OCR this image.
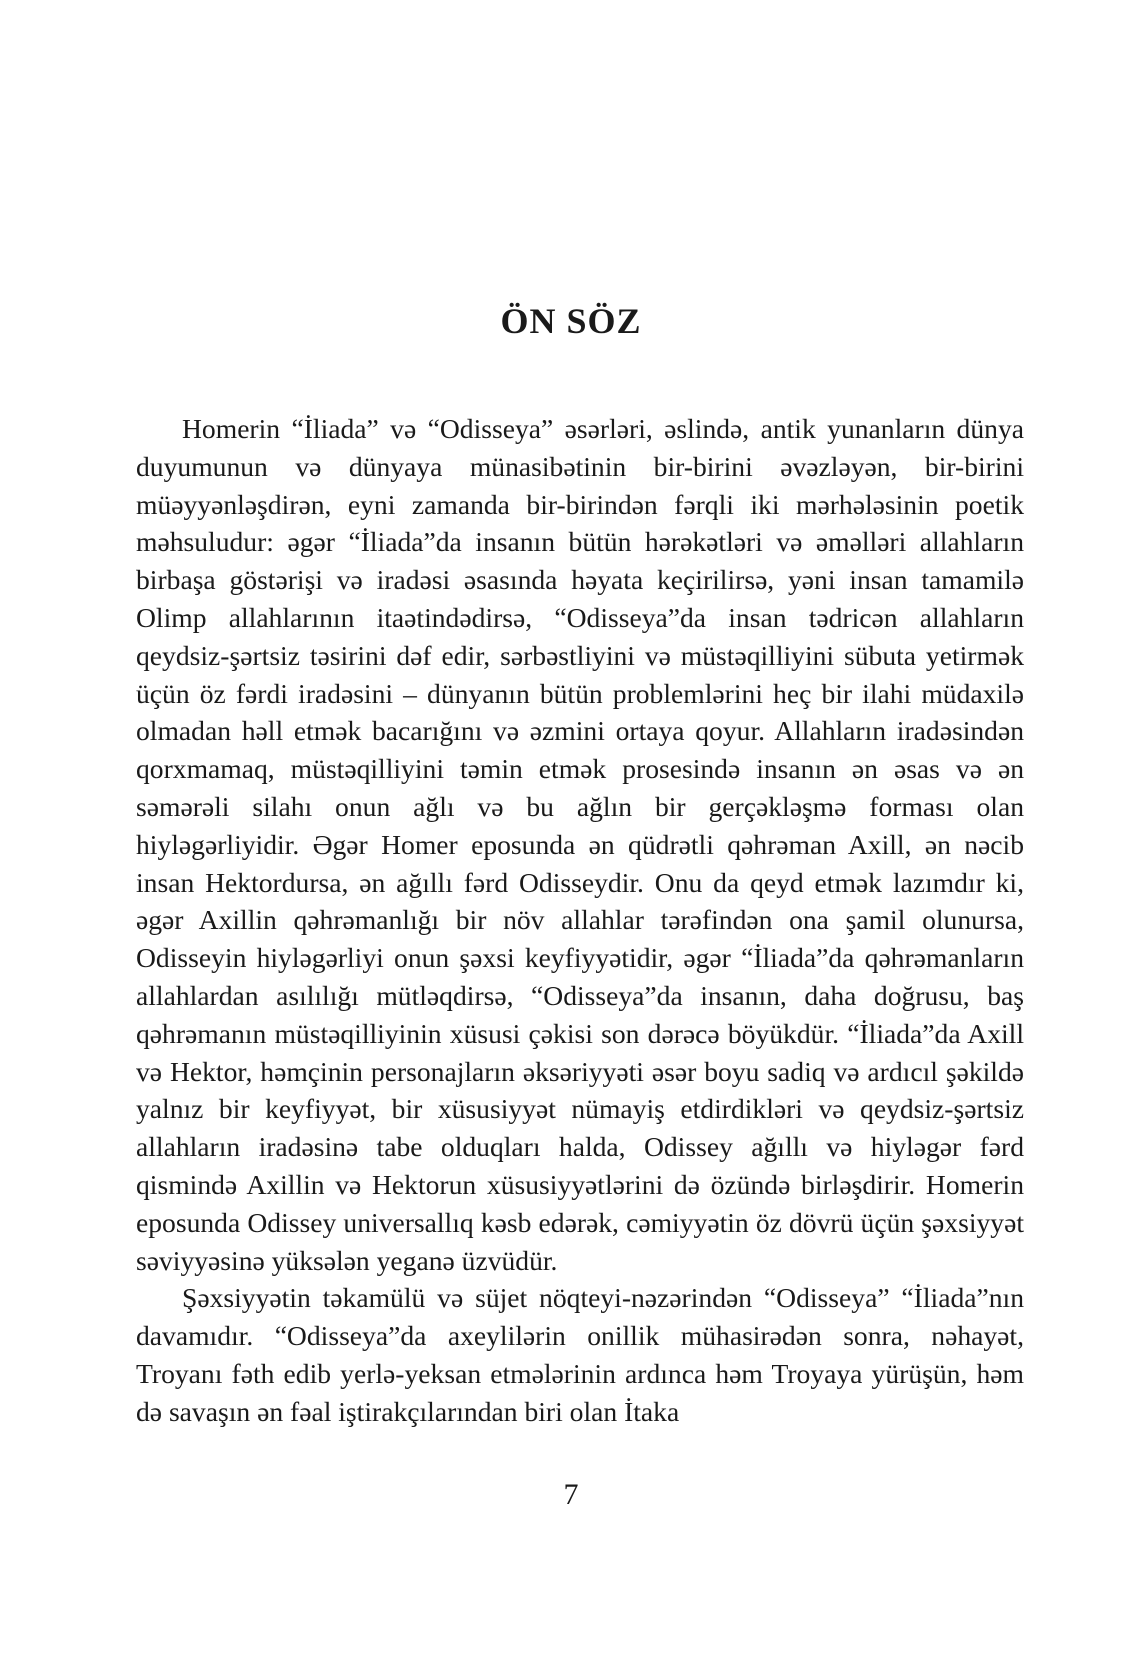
ÖN SÖZ

Homerin “İliada” və “Odisseya” əsərləri, əslində, antik yunanların dünya duyumunun və dünyaya münasibətinin bir-birini əvəzləyən, bir-birini müəyyənləşdirən, eyni zamanda bir-birindən fərqli iki mərhələsinin poetik məhsuludur: əgər “İliada”da insanın bütün hərəkətləri və əməlləri allahların birbaşa göstərişi və iradəsi əsasında həyata keçirilirsə, yəni insan tamamilə Olimp allahlarının itaətindədirsə, “Odisseya”da insan tədricən allahların qeydsiz-şərtsiz təsirini dəf edir, sərbəstliyini və müstəqilliyini sübuta yetirmək üçün öz fərdi iradəsini – dünyanın bütün problemlərini heç bir ilahi müdaxilə olmadan həll etmək bacarığını və əzmini ortaya qoyur. Allahların iradəsindən qorxmamaq, müstəqilliyini təmin etmək prosesində insanın ən əsas və ən səmərəli silahı onun ağlı və bu ağlın bir gerçəkləşmə forması olan hiyləgərliyidir. Əgər Homer eposunda ən qüdrətli qəhrəman Axill, ən nəcib insan Hektordursa, ən ağıllı fərd Odisseydir. Onu da qeyd etmək lazımdır ki, əgər Axillin qəhrəmanlığı bir növ allahlar tərəfindən ona şamil olunursa, Odisseyin hiyləgərliyi onun şəxsi keyfiyyətidir, əgər “İliada”da qəhrəmanların allahlardan asılılığı mütləqdirsə, “Odisseya”da insanın, daha doğrusu, baş qəhrəmanın müstəqilliyinin xüsusi çəkisi son dərəcə böyükdür. “İliada”da Axill və Hektor, həmçinin personajların əksəriyyəti əsər boyu sadiq və ardıcıl şəkildə yalnız bir keyfiyyət, bir xüsusiyyət nümayiş etdirdikləri və qeydsiz-şərtsiz allahların iradəsinə tabe olduqları halda, Odissey ağıllı və hiyləgər fərd qismində Axillin və Hektorun xüsusiyyətlərini də özündə birləşdirir. Homerin eposunda Odissey universallıq kəsb edərək, cəmiyyətin öz dövrü üçün şəxsiyyət səviyyəsinə yüksələn yeganə üzvüdür.

Şəxsiyyətin təkamülü və süjet nöqteyi-nəzərindən “Odisseya” “İliada”nın davamıdır. “Odisseya”da axeylilərin onillik mühasirədən sonra, nəhayət, Troyanı fəth edib yerlə-yeksan etmələrinin ardınca həm Troyaya yürüşün, həm də savaşın ən fəal iştirakçılarından biri olan İtaka

7
